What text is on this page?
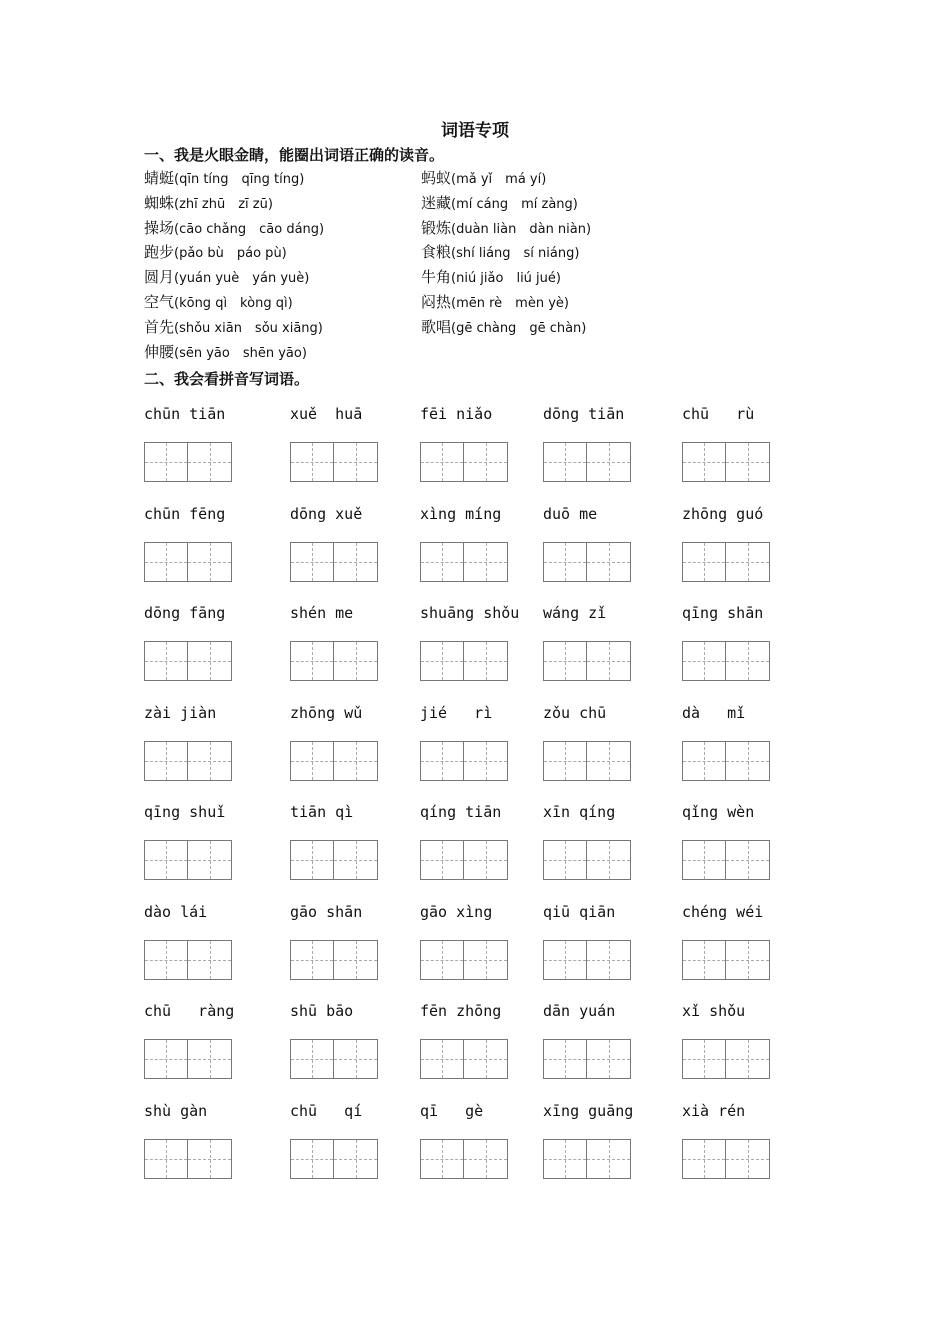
词语专项
一、我是火眼金睛，能圈出词语正确的读音。
蜻蜓(qīn tíng　qīng tíng)	蚂蚁(mǎ yǐ　má yí)
蜘蛛(zhī zhū　zī zū)	迷藏(mí cáng　mí zàng)
操场(cāo chǎng　cāo dáng)	锻炼(duàn liàn　dàn niàn)
跑步(pǎo bù　páo pù)	食粮(shí liáng　sí niáng)
圆月(yuán yuè　yán yuè)	牛角(niú jiǎo　liú jué)
空气(kōng qì　kòng qì)	闷热(mēn rè　mèn yè)
首先(shǒu xiān　sǒu xiāng)	歌唱(gē chàng　gē chàn)
伸腰(sēn yāo　shēn yāo)
二、我会看拼音写词语。
chūn tiān	xuě  huā	fēi niǎo	dōng tiān	chū   rù
chūn fēng	dōng xuě	xìng míng	duō me	zhōng guó
dōng fāng	shén me	shuāng shǒu	wáng zǐ	qīng shān
zài jiàn	zhōng wǔ	jié   rì	zǒu chū	dà   mǐ
qīng shuǐ	tiān qì	qíng tiān	xīn qíng	qǐng wèn
dào lái	gāo shān	gāo xìng	qiū qiān	chéng wéi
chū   ràng	shū bāo	fēn zhōng	dān yuán	xǐ shǒu
shù gàn	chū   qí	qī   gè	xīng guāng	xià rén
